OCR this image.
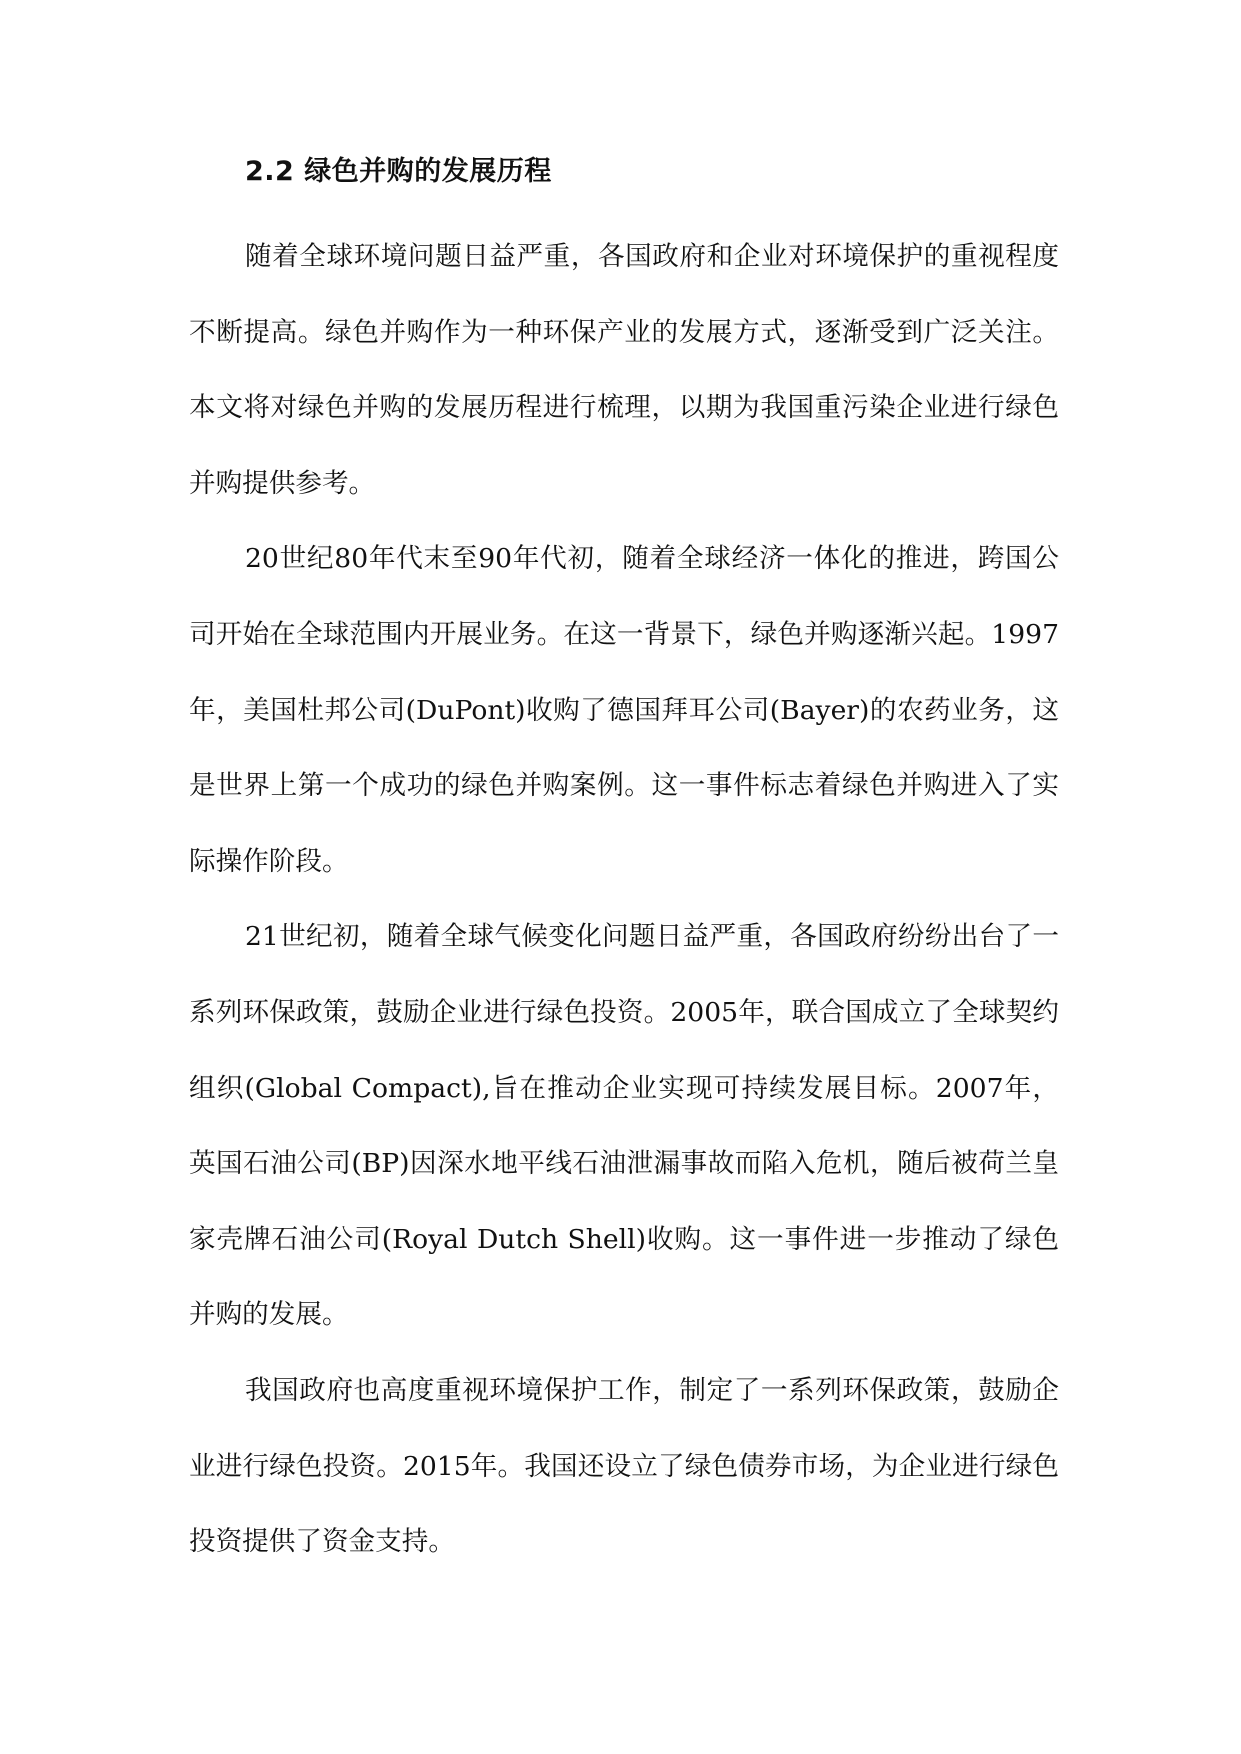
2.2 绿色并购的发展历程

随着全球环境问题日益严重，各国政府和企业对环境保护的重视程度不断提高。绿色并购作为一种环保产业的发展方式，逐渐受到广泛关注。本文将对绿色并购的发展历程进行梳理，以期为我国重污染企业进行绿色并购提供参考。

20世纪80年代末至90年代初，随着全球经济一体化的推进，跨国公司开始在全球范围内开展业务。在这一背景下，绿色并购逐渐兴起。1997年，美国杜邦公司(DuPont)收购了德国拜耳公司(Bayer)的农药业务，这是世界上第一个成功的绿色并购案例。这一事件标志着绿色并购进入了实际操作阶段。

21世纪初，随着全球气候变化问题日益严重，各国政府纷纷出台了一系列环保政策，鼓励企业进行绿色投资。2005年，联合国成立了全球契约组织(Global Compact),旨在推动企业实现可持续发展目标。2007年，英国石油公司(BP)因深水地平线石油泄漏事故而陷入危机，随后被荷兰皇家壳牌石油公司(Royal Dutch Shell)收购。这一事件进一步推动了绿色并购的发展。

我国政府也高度重视环境保护工作，制定了一系列环保政策，鼓励企业进行绿色投资。2015年。我国还设立了绿色债券市场，为企业进行绿色投资提供了资金支持。
